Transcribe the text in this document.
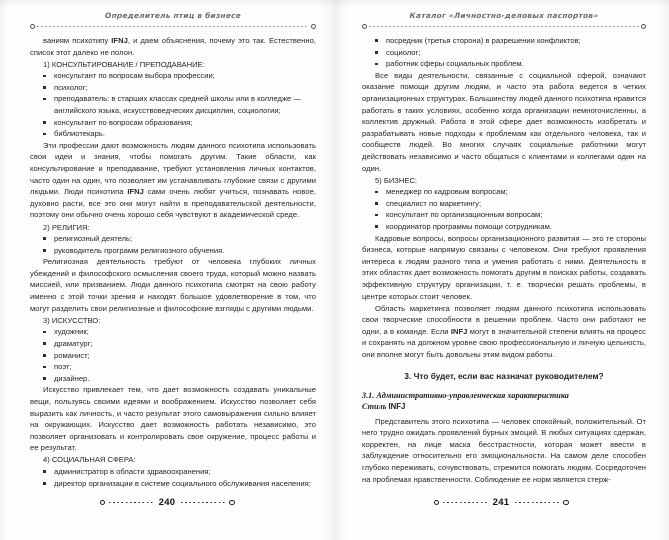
Определитель птиц в бизнесе

ваниям психотипу IFNJ, и даем объяснения, почему это так. Естественно, список этот далеко не полон.

1) КОНСУЛЬТИРОВАНИЕ / ПРЕПОДАВАНИЕ:

консультант по вопросам выбора профессии;
психолог;
преподаватель: в старших классах средней школы или в колледже — английского языка, искусствоведческих дисциплин, социологии;
консультант по вопросам образования;
библиотекарь.

Эти профессии дают возможность людям данного психотипа использовать свои идеи и знания, чтобы помогать другим. Такие области, как консультирование и преподавание, требуют установления личных контактов, часто один на один, что позволяет им устанавливать глубокие связи с другими людьми. Люди психотипа IFNJ сами очень любят учиться, познавать новое, духовно расти, все это они могут найти в преподавательской деятельности, поэтому они обычно очень хорошо себя чувствуют в академической среде.

2) РЕЛИГИЯ:

религиозный деятель;
руководитель программ религиозного обучения.

Религиозная деятельность требуют от человека глубоких личных убеждений и философского осмысления своего труда, который можно назвать миссией, или призванием. Люди данного психотипа смотрят на свою работу именно с этой точки зрения и находят большое удовлетворение в том, что могут разделить свои религиозные и философские взгляды с другими людьми.

3) ИСКУССТВО:

художник;
драматург;
романист;
поэт;
дизайнер.

Искусство привлекает тем, что дает возможность создавать уникальные вещи, пользуясь своими идеями и воображением. Искусство позволяет себя выразить как личность, и часто результат этого самовыражения сильно влияет на окружающих. Искусство дает возможность работать независимо, это позволяет организовать и контролировать свое окружение, процесс работы и ее результат.

4) СОЦИАЛЬНАЯ СФЕРА:

администратор в области здравоохранения;
директор организации в системе социального обслуживания населения;
240
Каталог «Личностно-деловых паспортов»
посредник (третья сторона) в разрешении конфликтов;
социолог;
работник сферы социальных проблем.

Все виды деятельности, связанные с социальной сферой, означают оказание помощи другим людям, и часто эта работа ведется в четких организационных структурах. Большинству людей данного психотипа нравится работать в таких условиях, особенно когда организации немногочисленны, а коллектив дружный. Работа в этой сфере дает возможность изобретать и разрабатывать новые подходы к проблемам как отдельного человека, так и сообществ людей. Во многих случаях социальные работники могут действовать независимо и часто общаться с клиентами и коллегами один на один.

5) БИЗНЕС:

менеджер по кадровым вопросам;
специалист по маркетингу;
консультант по организационным вопросам;
координатор программы помощи сотрудникам.

Кадровые вопросы, вопросы организационного развития — это те стороны бизнеса, которые напрямую связаны с человеком. Они требуют проявления интереса к людям разного типа и умения работать с ними. Деятельность в этих областях дает возможность помогать другим в поисках работы, создавать эффективную структуру организации, т. е. творчески решать проблемы, в центре которых стоит человек.

Область маркетинга позволяет людям данного психотипа использовать свои творческие способности в решении проблем. Часто они работают не одни, а в команде. Если INFJ могут в значительной степени влиять на процесс и сохранять на должном уровне свою профессиональную и личную цельность, они вполне могут быть довольны этим видом работы.

3. Что будет, если вас назначат руководителем?
3.1. Административно-управленческая характеристика
Стиль INFJ

Представитель этого психотипа — человек спокойный, положительный. От него трудно ожидать проявлений бурных эмоций. В любых ситуациях сдержан, корректен, на лице маска бесстрастности, которая может ввести в заблуждение относительно его эмоциональности. На самом деле способен глубоко переживать, сочувствовать, стремится помогать людям. Сосредоточен на проблемах нравственности. Соблюдение ее норм является стерж-

241
